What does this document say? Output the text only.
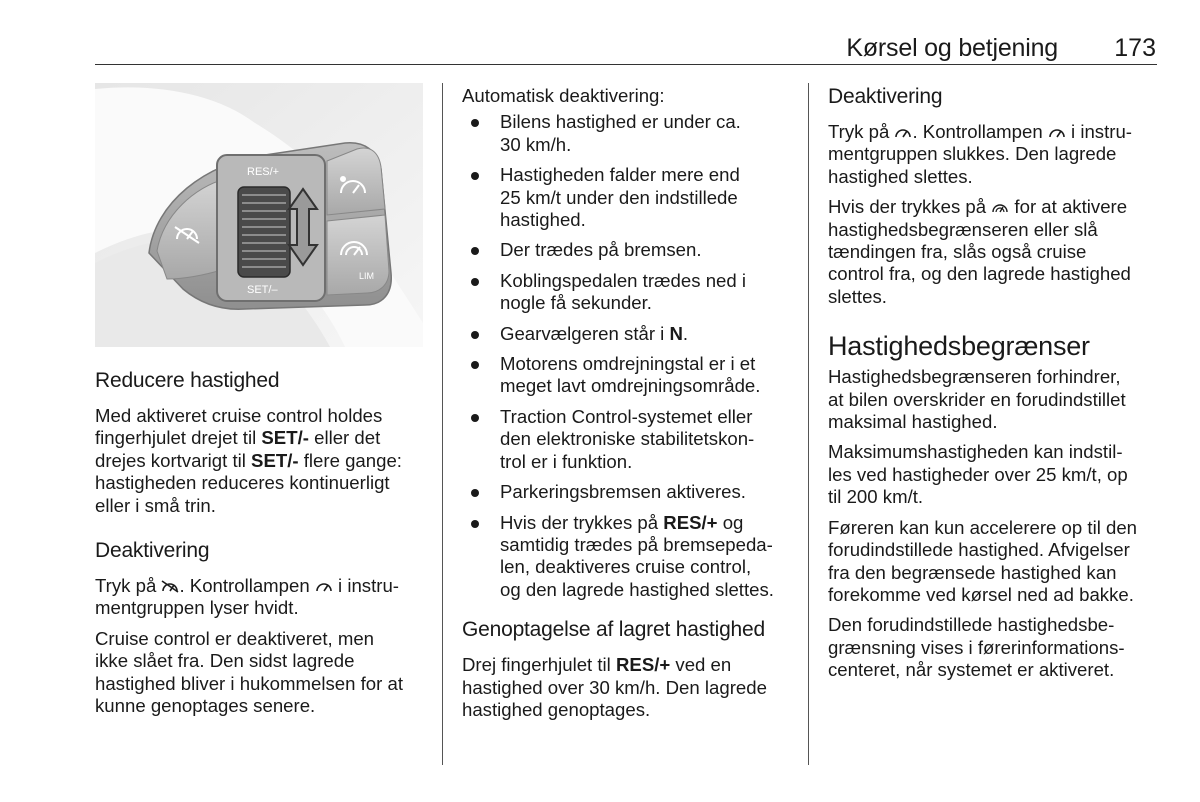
Kørsel og betjening 173
RES/+
SET/–
LIM
Reducere hastighed

Med aktiveret cruise control holdes
fingerhjulet drejet til SET/- eller det
drejes kortvarigt til SET/- flere gange:
hastigheden reduceres kontinuerligt
eller i små trin.

Deaktivering

Tryk på . Kontrollampen  i instru-
mentgruppen lyser hvidt.

Cruise control er deaktiveret, men
ikke slået fra. Den sidst lagrede
hastighed bliver i hukommelsen for at
kunne genoptages senere.

Automatisk deaktivering:

Bilens hastighed er under ca.
30 km/h.
Hastigheden falder mere end
25 km/t under den indstillede
hastighed.
Der trædes på bremsen.
Koblingspedalen trædes ned i
nogle få sekunder.
Gearvælgeren står i N.
Motorens omdrejningstal er i et
meget lavt omdrejningsområde.
Traction Control-systemet eller
den elektroniske stabilitetskon-
trol er i funktion.
Parkeringsbremsen aktiveres.
Hvis der trykkes på RES/+ og
samtidig trædes på bremsepeda-
len, deaktiveres cruise control,
og den lagrede hastighed slettes.
Genoptagelse af lagret hastighed

Drej fingerhjulet til RES/+ ved en
hastighed over 30 km/h. Den lagrede
hastighed genoptages.

Deaktivering

Tryk på . Kontrollampen  i instru-
mentgruppen slukkes. Den lagrede
hastighed slettes.

Hvis der trykkes på  for at aktivere
hastighedsbegrænseren eller slå
tændingen fra, slås også cruise
control fra, og den lagrede hastighed
slettes.

Hastighedsbegrænser

Hastighedsbegrænseren forhindrer,
at bilen overskrider en forudindstillet
maksimal hastighed.

Maksimumshastigheden kan indstil-
les ved hastigheder over 25 km/t, op
til 200 km/t.

Føreren kan kun accelerere op til den
forudindstillede hastighed. Afvigelser
fra den begrænsede hastighed kan
forekomme ved kørsel ned ad bakke.

Den forudindstillede hastighedsbe-
grænsning vises i førerinformations-
centeret, når systemet er aktiveret.
